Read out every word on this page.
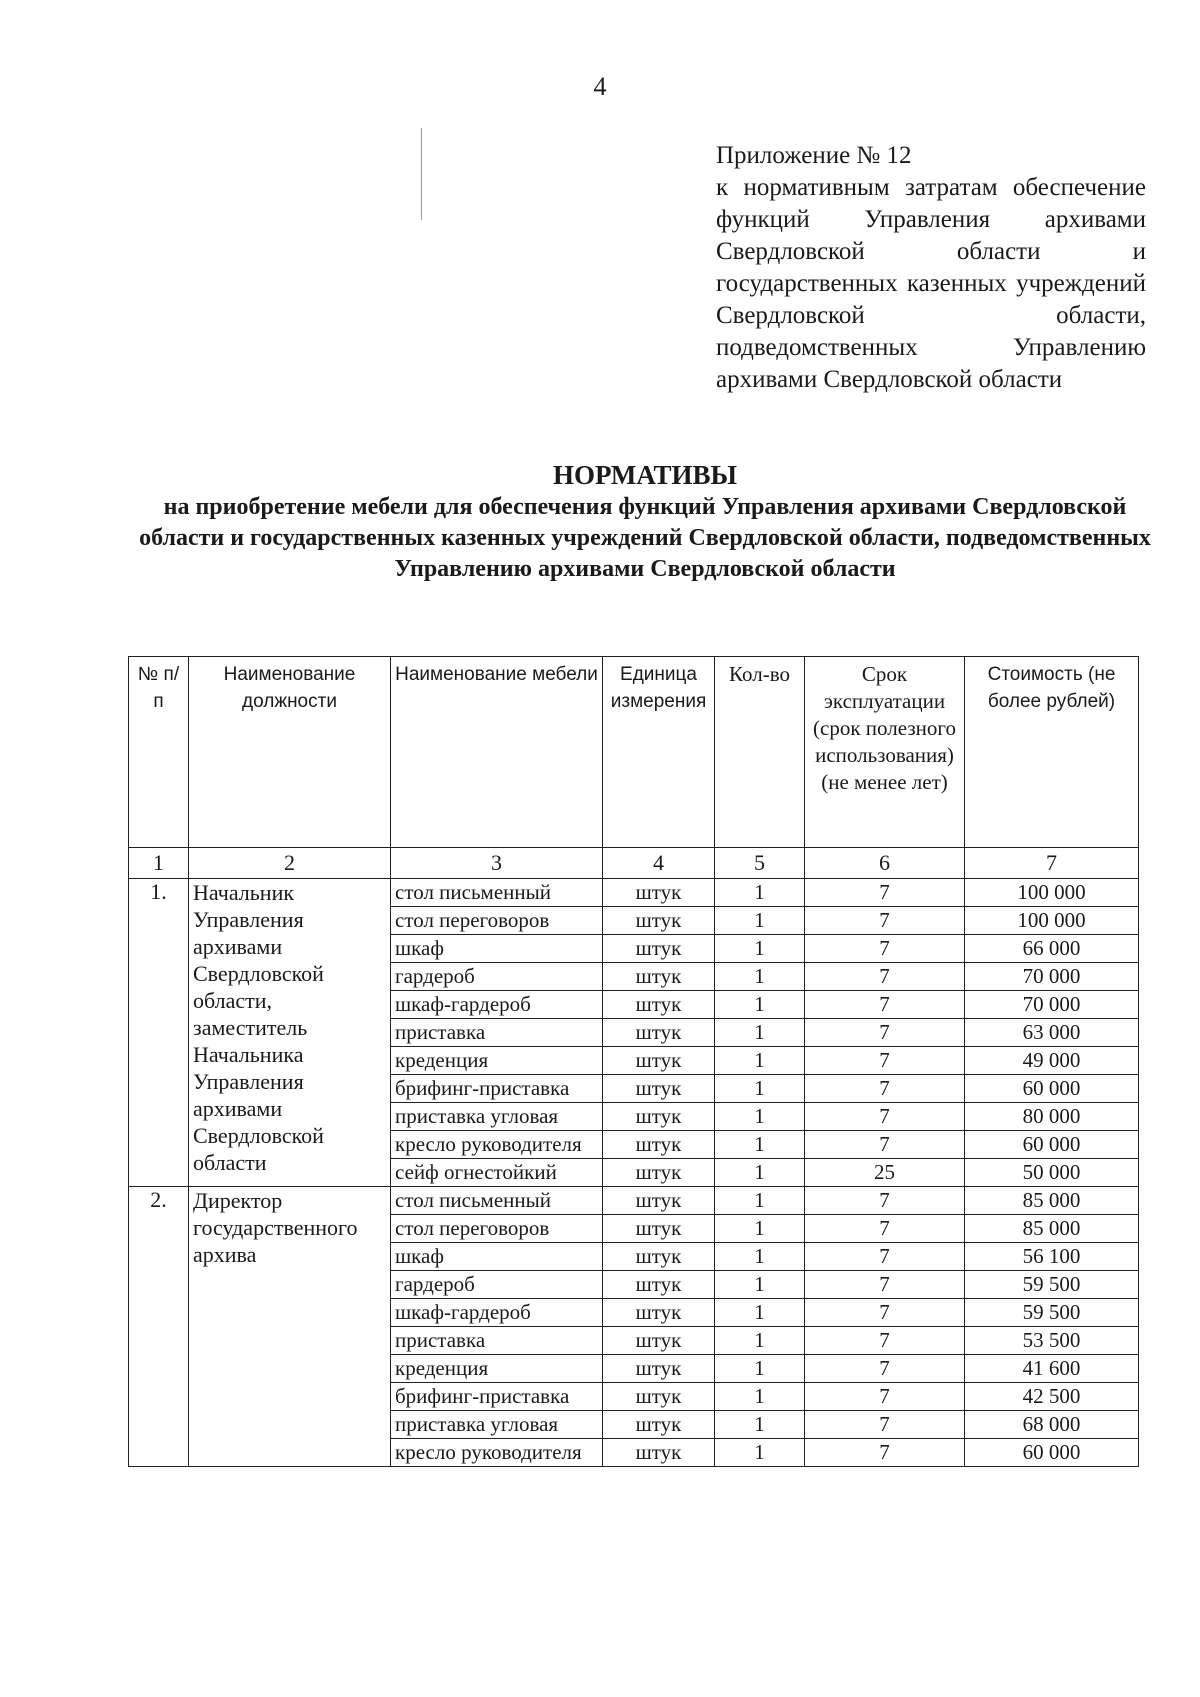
4
Приложение № 12
к нормативным затратам обеспечение функций Управления архивами Свердловской области и государственных казенных учреждений Свердловской области, подведомственных Управлению архивами Свердловской области
НОРМАТИВЫ
на приобретение мебели для обеспечения функций Управления архивами Свердловской области и государственных казенных учреждений Свердловской области, подведомственных Управлению архивами Свердловской области
№ п/п	Наименование должности	Наименование мебели	Единица измерения	Кол-во	Срок эксплуатации (срок полезного использования) (не менее лет)	Стоимость (не более рублей)
1	2	3	4	5	6	7
1.	Начальник Управления архивами Свердловской области, заместитель Начальника Управления архивами Свердловской области	стол письменный	штук	1	7	100 000
		стол переговоров	штук	1	7	100 000
		шкаф	штук	1	7	66 000
		гардероб	штук	1	7	70 000
		шкаф-гардероб	штук	1	7	70 000
		приставка	штук	1	7	63 000
		креденция	штук	1	7	49 000
		брифинг-приставка	штук	1	7	60 000
		приставка угловая	штук	1	7	80 000
		кресло руководителя	штук	1	7	60 000
		сейф огнестойкий	штук	1	25	50 000
2.	Директор государственного архива	стол письменный	штук	1	7	85 000
		стол переговоров	штук	1	7	85 000
		шкаф	штук	1	7	56 100
		гардероб	штук	1	7	59 500
		шкаф-гардероб	штук	1	7	59 500
		приставка	штук	1	7	53 500
		креденция	штук	1	7	41 600
		брифинг-приставка	штук	1	7	42 500
		приставка угловая	штук	1	7	68 000
		кресло руководителя	штук	1	7	60 000
